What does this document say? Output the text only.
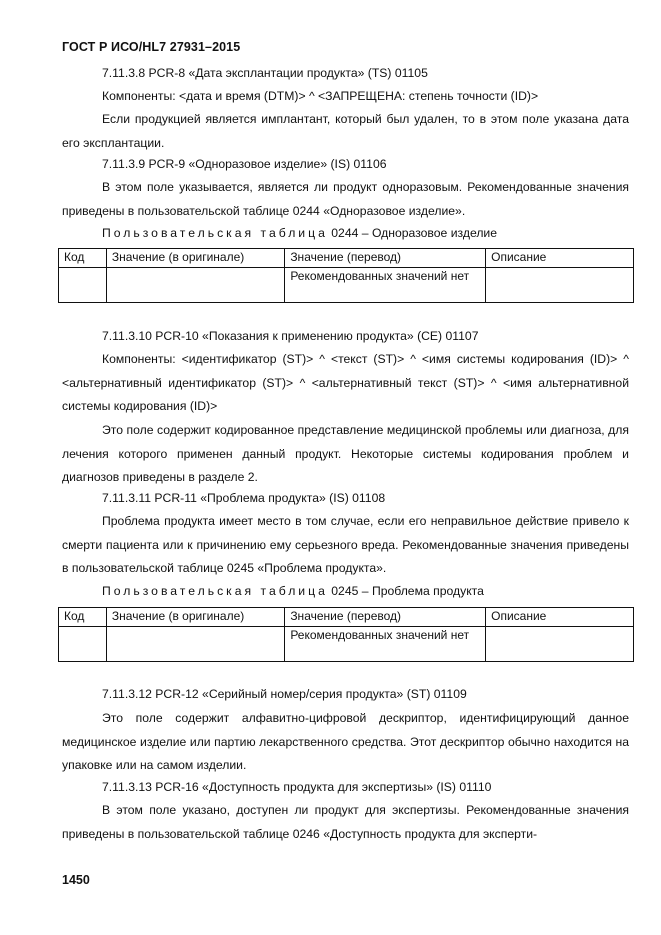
ГОСТ Р ИСО/HL7 27931–2015

7.11.3.8 PCR-8 «Дата эксплантации продукта» (TS) 01105

Компоненты: <дата и время (DTM)> ^ <ЗАПРЕЩЕНА: степень точности (ID)>

Если продукцией является имплантант, который был удален, то в этом поле указана дата его эксплантации.

7.11.3.9 PCR-9 «Одноразовое изделие» (IS) 01106

В этом поле указывается, является ли продукт одноразовым. Рекомендованные значения приведены в пользовательской таблице 0244 «Одноразовое изделие».

Пользовательская таблица 0244 – Одноразовое изделие
Код	Значение (в оригинале)	Значение (перевод)	Описание
		Рекомендованных значений нет	

7.11.3.10 PCR-10 «Показания к применению продукта» (CE) 01107

Компоненты: <идентификатор (ST)> ^ <текст (ST)> ^ <имя системы кодирования (ID)> ^ <альтернативный идентификатор (ST)> ^ <альтернативный текст (ST)> ^ <имя альтернативной системы кодирования (ID)>

Это поле содержит кодированное представление медицинской проблемы или диагноза, для лечения которого применен данный продукт. Некоторые системы кодирования проблем и диагнозов приведены в разделе 2.

7.11.3.11 PCR-11 «Проблема продукта» (IS) 01108

Проблема продукта имеет место в том случае, если его неправильное действие привело к смерти пациента или к причинению ему серьезного вреда. Рекомендованные значения приведены в пользовательской таблице 0245 «Проблема продукта».

Пользовательская таблица 0245 – Проблема продукта
Код	Значение (в оригинале)	Значение (перевод)	Описание
		Рекомендованных значений нет	

7.11.3.12 PCR-12 «Серийный номер/серия продукта» (ST) 01109

Это поле содержит алфавитно-цифровой дескриптор, идентифицирующий данное медицинское изделие или партию лекарственного средства. Этот дескриптор обычно находится на упаковке или на самом изделии.

7.11.3.13 PCR-16 «Доступность продукта для экспертизы» (IS) 01110

В этом поле указано, доступен ли продукт для экспертизы. Рекомендованные значения приведены в пользовательской таблице 0246 «Доступность продукта для эксперти-

1450
